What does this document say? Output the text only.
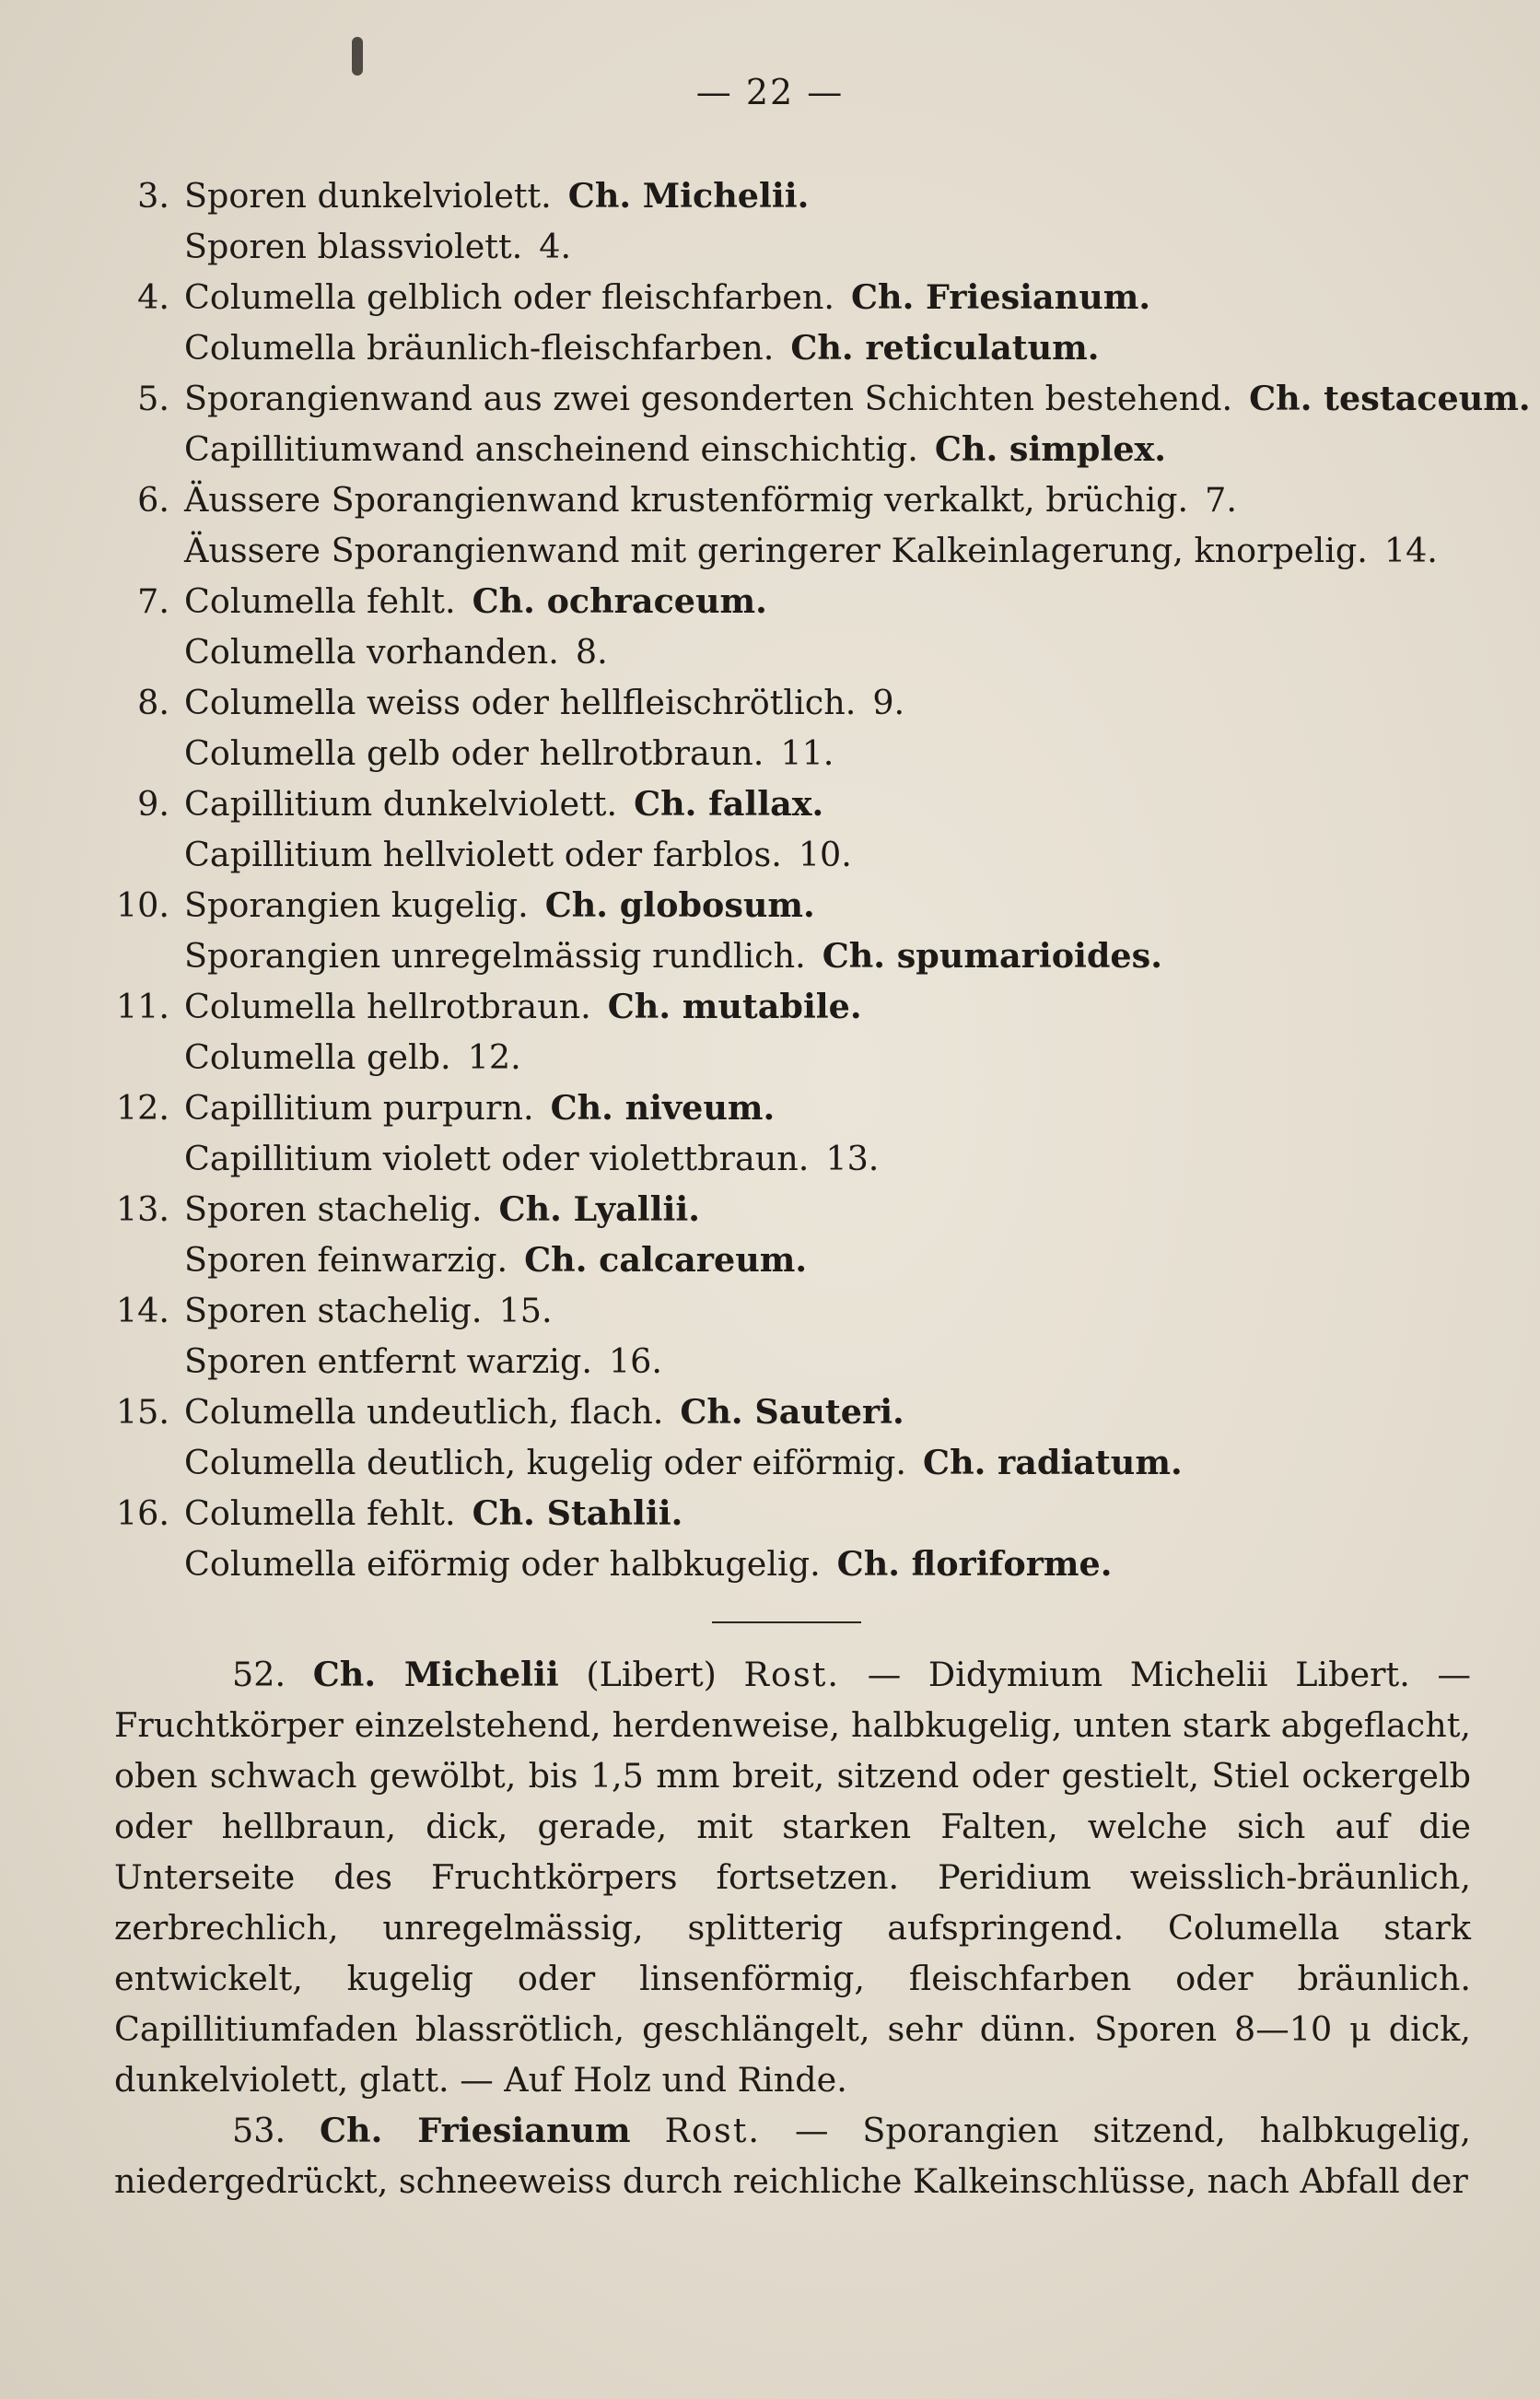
— 22 —
3. Sporen dunkelviolett. Ch. Michelii.
Sporen blassviolett. 4.
4. Columella gelblich oder fleischfarben. Ch. Friesianum.
Columella bräunlich-fleischfarben. Ch. reticulatum.
5. Sporangienwand aus zwei gesonderten Schichten bestehend. Ch. testaceum.
Capillitiumwand anscheinend einschichtig. Ch. simplex.
6. Äussere Sporangienwand krustenförmig verkalkt, brüchig. 7.
Äussere Sporangienwand mit geringerer Kalkeinlagerung, knorpelig. 14.
7. Columella fehlt. Ch. ochraceum.
Columella vorhanden. 8.
8. Columella weiss oder hellfleischrötlich. 9.
Columella gelb oder hellrotbraun. 11.
9. Capillitium dunkelviolett. Ch. fallax.
Capillitium hellviolett oder farblos. 10.
10. Sporangien kugelig. Ch. globosum.
Sporangien unregelmässig rundlich. Ch. spumarioides.
11. Columella hellrotbraun. Ch. mutabile.
Columella gelb. 12.
12. Capillitium purpurn. Ch. niveum.
Capillitium violett oder violettbraun. 13.
13. Sporen stachelig. Ch. Lyallii.
Sporen feinwarzig. Ch. calcareum.
14. Sporen stachelig. 15.
Sporen entfernt warzig. 16.
15. Columella undeutlich, flach. Ch. Sauteri.
Columella deutlich, kugelig oder eiförmig. Ch. radiatum.
16. Columella fehlt. Ch. Stahlii.
Columella eiförmig oder halbkugelig. Ch. floriforme.

52. Ch. Michelii (Libert) Rost. — Didymium Michelii Libert. — Fruchtkörper einzelstehend, herdenweise, halbkugelig, unten stark abgeflacht, oben schwach gewölbt, bis 1,5 mm breit, sitzend oder gestielt, Stiel ockergelb oder hellbraun, dick, gerade, mit starken Falten, welche sich auf die Unterseite des Fruchtkörpers fortsetzen. Peridium weisslich-bräunlich, zerbrechlich, unregelmässig, splitterig aufspringend. Columella stark entwickelt, kugelig oder linsenförmig, fleischfarben oder bräunlich. Capillitiumfaden blassrötlich, geschlängelt, sehr dünn. Sporen 8—10 μ dick, dunkelviolett, glatt. — Auf Holz und Rinde.

53. Ch. Friesianum Rost. — Sporangien sitzend, halbkugelig, niedergedrückt, schneeweiss durch reichliche Kalkeinschlüsse, nach Abfall der
